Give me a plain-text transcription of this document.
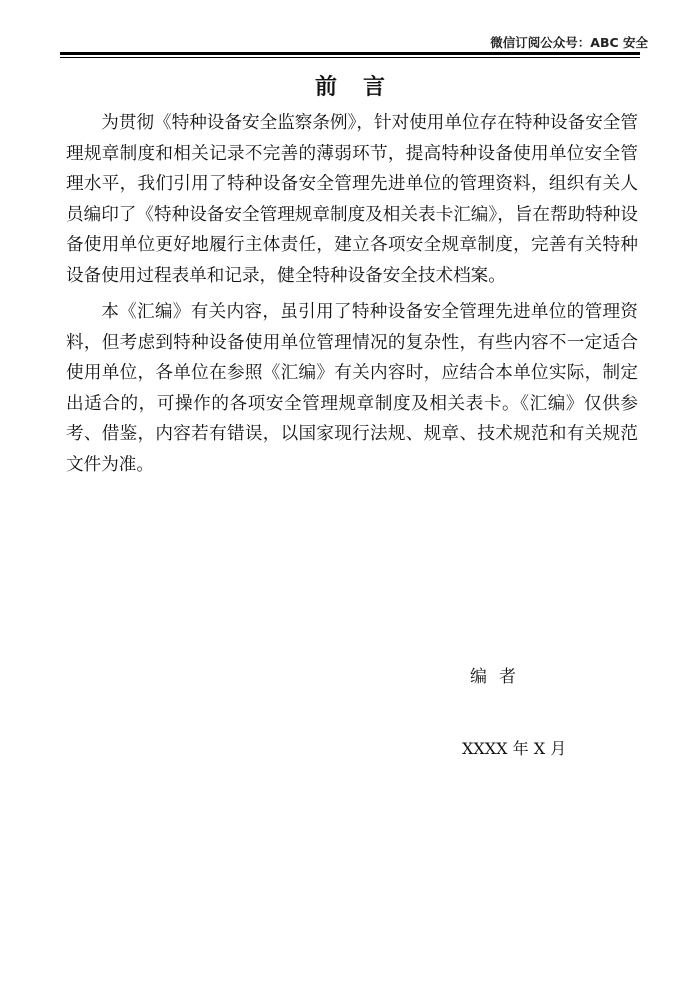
微信订阅公众号：ABC 安全
前言

为贯彻《特种设备安全监察条例》，针对使用单位存在特种设备安全管理规章制度和相关记录不完善的薄弱环节，提高特种设备使用单位安全管理水平，我们引用了特种设备安全管理先进单位的管理资料，组织有关人员编印了《特种设备安全管理规章制度及相关表卡汇编》，旨在帮助特种设备使用单位更好地履行主体责任，建立各项安全规章制度，完善有关特种设备使用过程表单和记录，健全特种设备安全技术档案。

本《汇编》有关内容，虽引用了特种设备安全管理先进单位的管理资料，但考虑到特种设备使用单位管理情况的复杂性，有些内容不一定适合使用单位，各单位在参照《汇编》有关内容时，应结合本单位实际，制定出适合的，可操作的各项安全管理规章制度及相关表卡。《汇编》仅供参考、借鉴，内容若有错误，以国家现行法规、规章、技术规范和有关规范文件为准。

编者
XXXX 年 X 月
